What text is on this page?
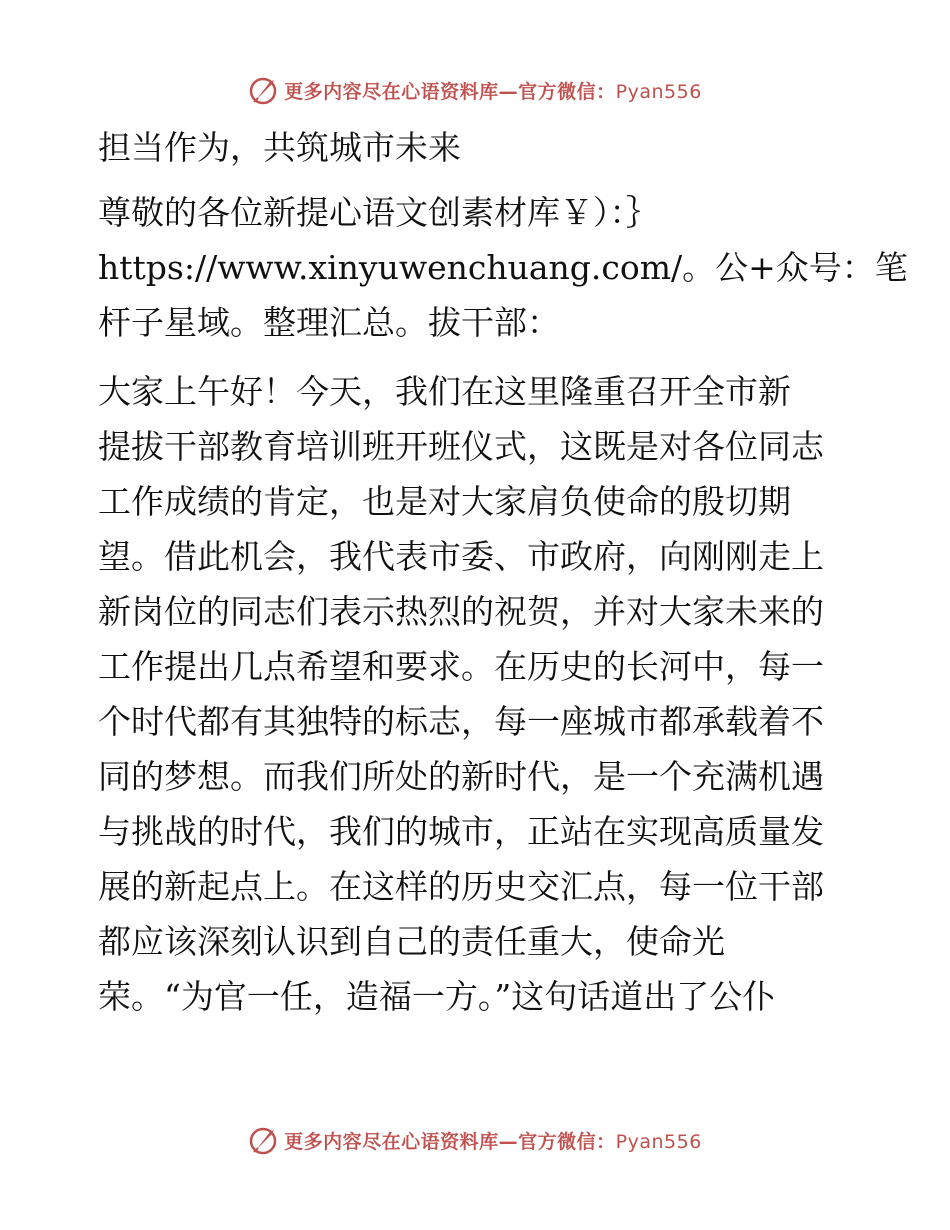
更多内容尽在心语资料库—官方微信：Pyan556

担当作为，共筑城市未来

尊敬的各位新提心语文创素材库￥）：｝
https://www.xinyuwenchuang.com/。公+众号：笔
杆子星域。整理汇总。拔干部：

大家上午好！今天，我们在这里隆重召开全市新
提拔干部教育培训班开班仪式，这既是对各位同志
工作成绩的肯定，也是对大家肩负使命的殷切期
望。借此机会，我代表市委、市政府，向刚刚走上
新岗位的同志们表示热烈的祝贺，并对大家未来的
工作提出几点希望和要求。在历史的长河中，每一
个时代都有其独特的标志，每一座城市都承载着不
同的梦想。而我们所处的新时代，是一个充满机遇
与挑战的时代，我们的城市，正站在实现高质量发
展的新起点上。在这样的历史交汇点，每一位干部
都应该深刻认识到自己的责任重大，使命光
荣。“为官一任，造福一方。”这句话道出了公仆

更多内容尽在心语资料库—官方微信：Pyan556
